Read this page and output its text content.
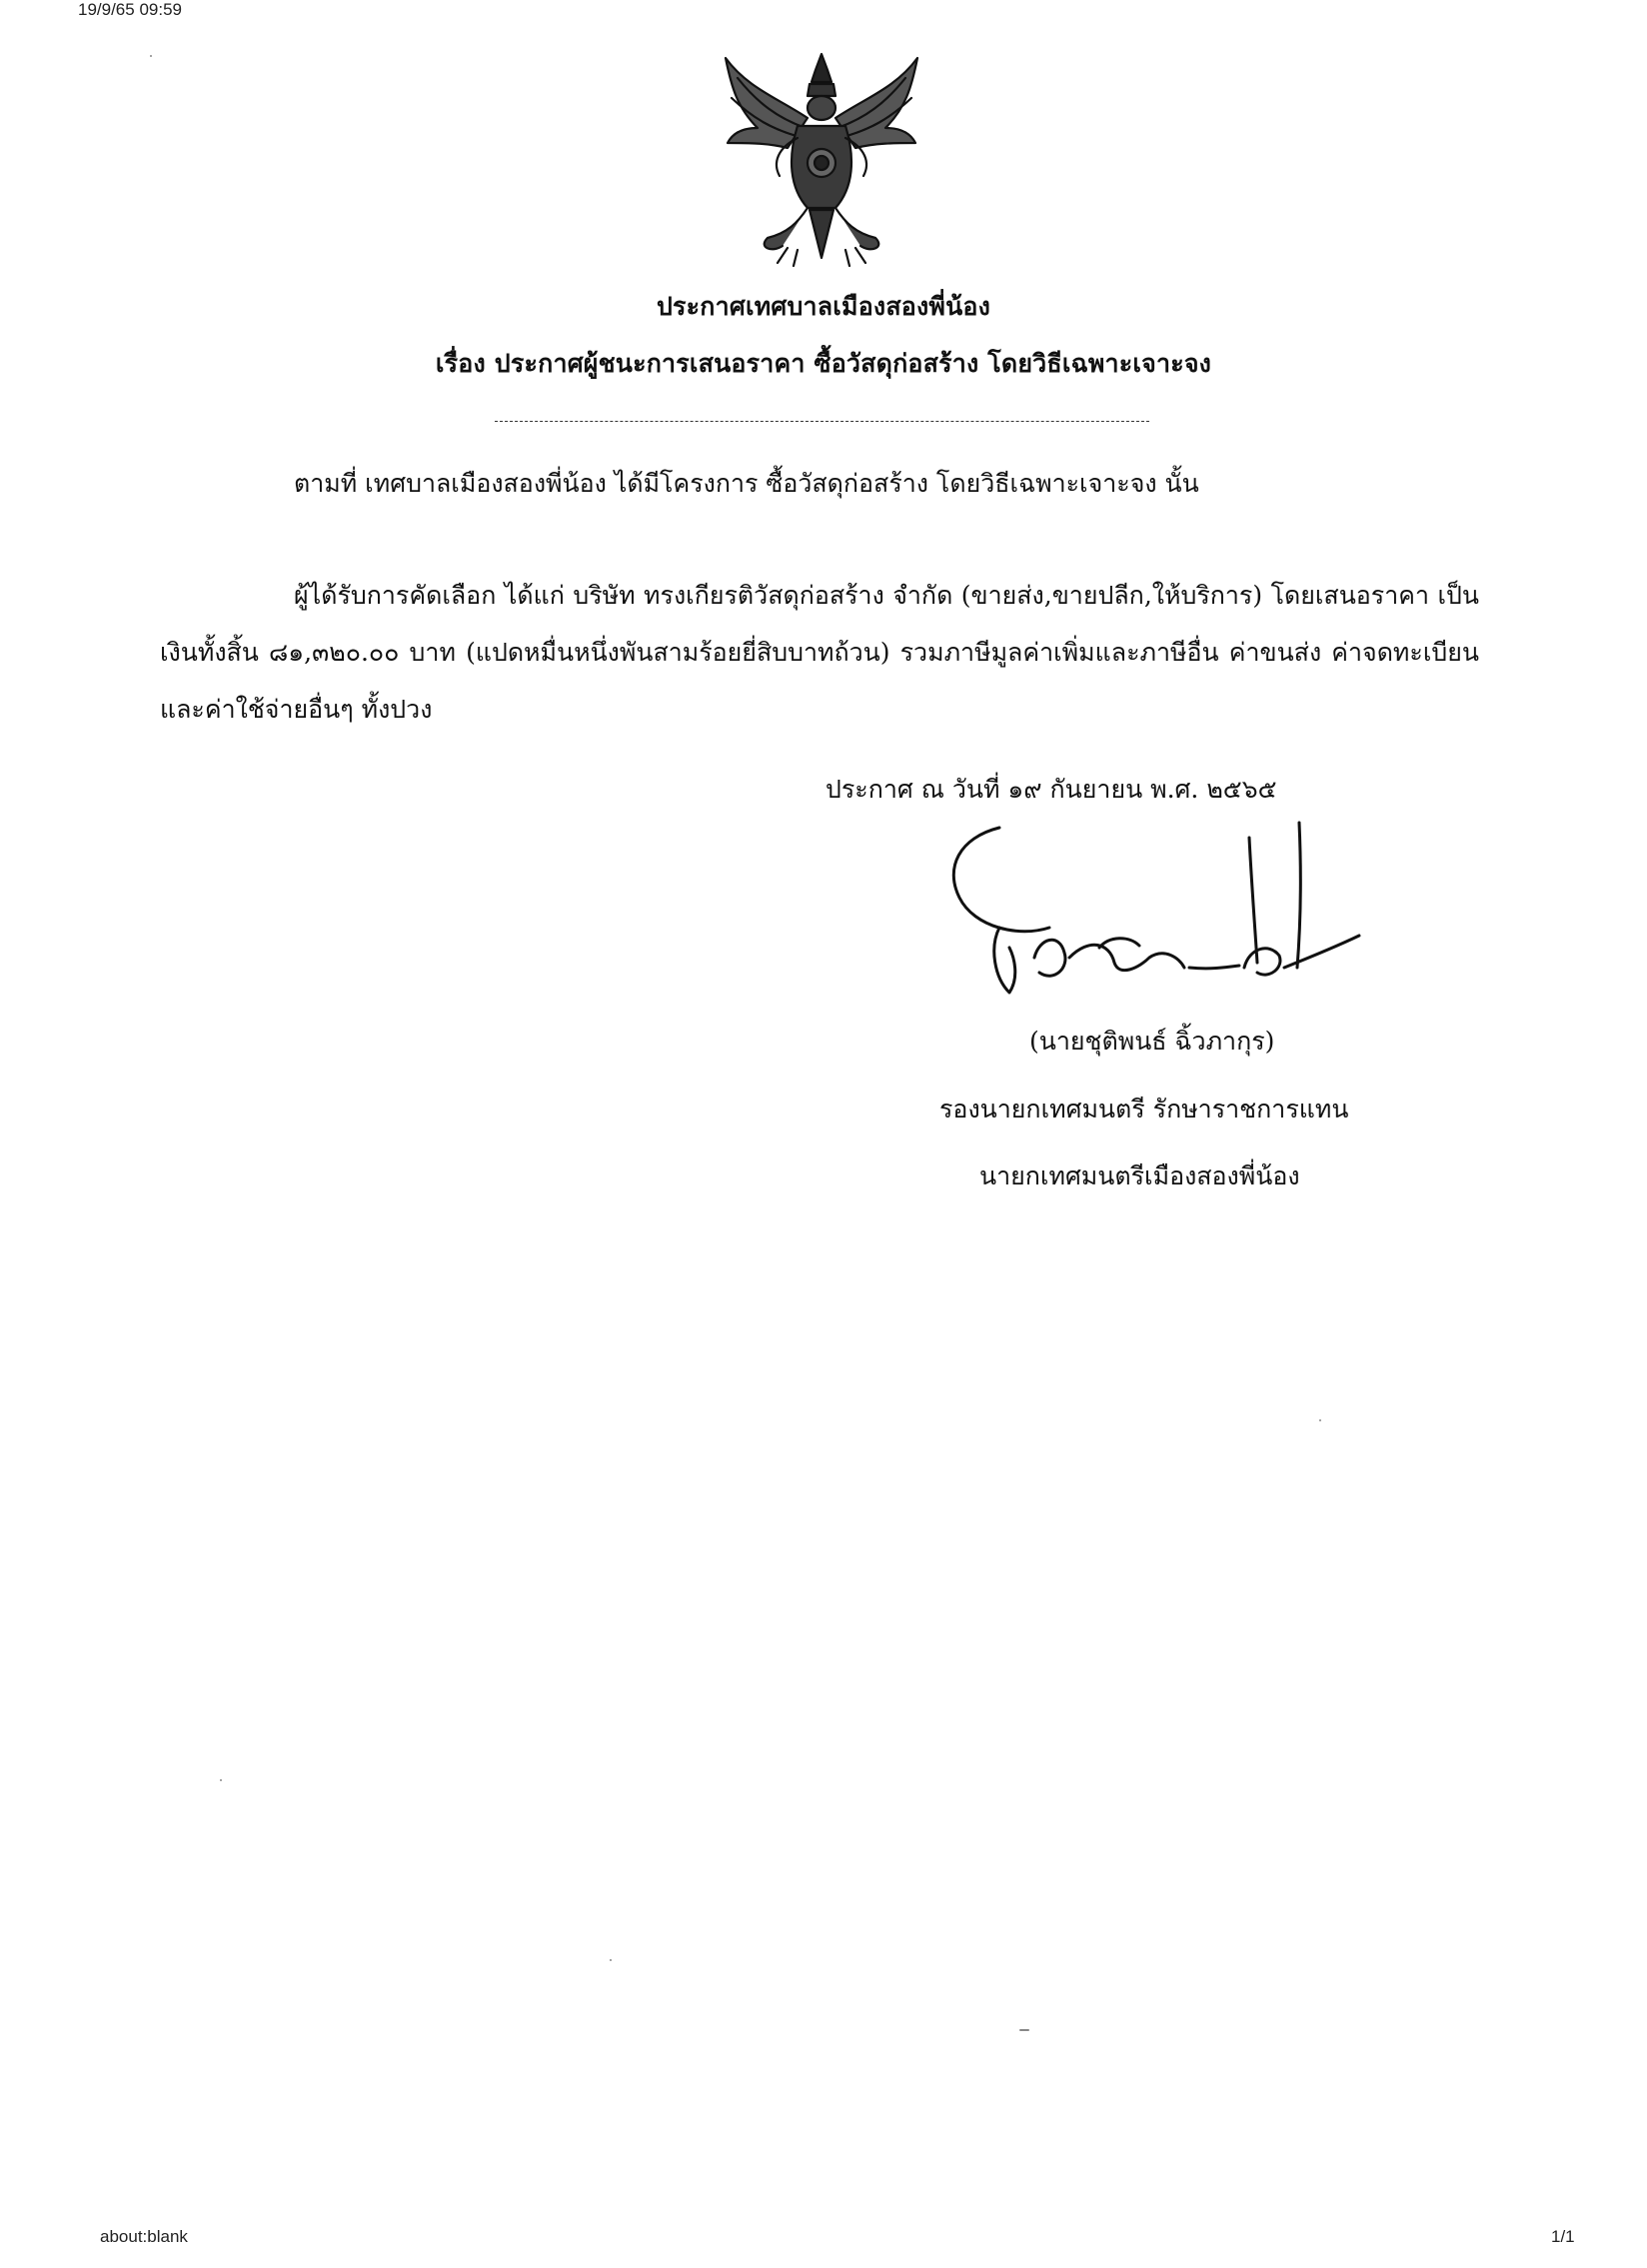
19/9/65 09:59
ประกาศเทศบาลเมืองสองพี่น้อง
เรื่อง ประกาศผู้ชนะการเสนอราคา ซื้อวัสดุก่อสร้าง โดยวิธีเฉพาะเจาะจง
ตามที่ เทศบาลเมืองสองพี่น้อง ได้มีโครงการ ซื้อวัสดุก่อสร้าง โดยวิธีเฉพาะเจาะจง นั้น
ผู้ได้รับการคัดเลือก ได้แก่ บริษัท ทรงเกียรติวัสดุก่อสร้าง จำกัด (ขายส่ง,ขายปลีก,ให้บริการ) โดยเสนอราคา เป็นเงินทั้งสิ้น ๘๑,๓๒๐.๐๐ บาท (แปดหมื่นหนึ่งพันสามร้อยยี่สิบบาทถ้วน) รวมภาษีมูลค่าเพิ่มและภาษีอื่น ค่าขนส่ง ค่าจดทะเบียน และค่าใช้จ่ายอื่นๆ ทั้งปวง
ประกาศ ณ วันที่ ๑๙ กันยายน พ.ศ. ๒๕๖๕
(นายชุติพนธ์ ฉิ้วภากุร)
รองนายกเทศมนตรี รักษาราชการแทน
นายกเทศมนตรีเมืองสองพี่น้อง
about:blank	1/1
